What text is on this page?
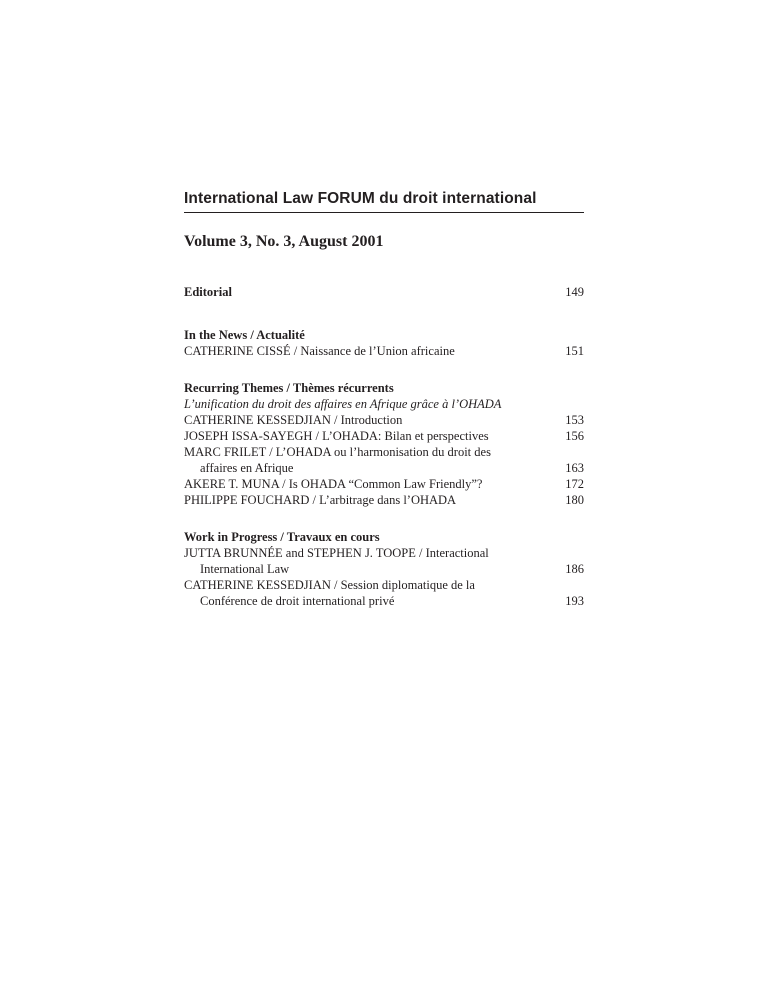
International Law FORUM du droit international
Volume 3, No. 3, August 2001
Editorial	149
In the News / Actualité
CATHERINE CISSÉ / Naissance de l’Union africaine	151
Recurring Themes / Thèmes récurrents
L’unification du droit des affaires en Afrique grâce à l’OHADA
CATHERINE KESSEDJIAN / Introduction	153
JOSEPH ISSA-SAYEGH / L’OHADA: Bilan et perspectives	156
MARC FRILET / L’OHADA ou l’harmonisation du droit des
affaires en Afrique	163
AKERE T. MUNA / Is OHADA “Common Law Friendly”?	172
PHILIPPE FOUCHARD / L’arbitrage dans l’OHADA	180
Work in Progress / Travaux en cours
JUTTA BRUNNÉE and STEPHEN J. TOOPE / Interactional
International Law	186
CATHERINE KESSEDJIAN / Session diplomatique de la
Conférence de droit international privé	193
